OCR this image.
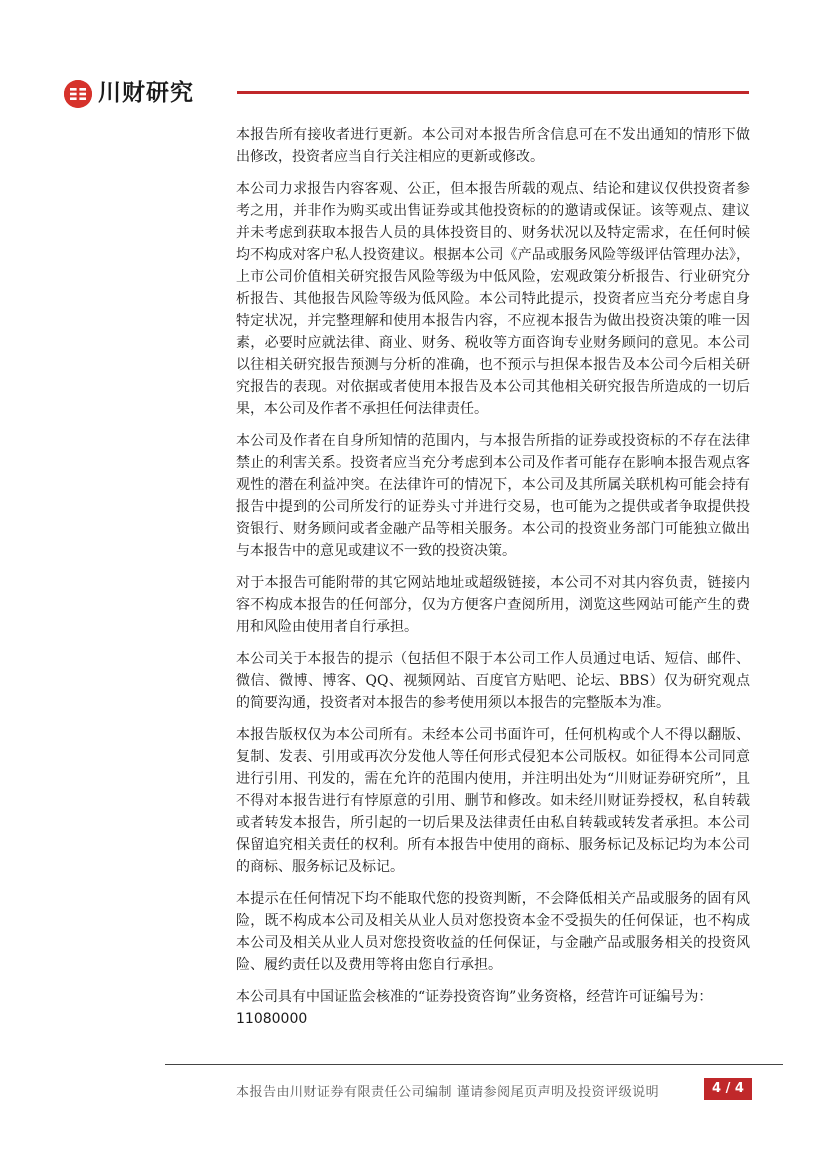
川财研究

本报告所有接收者进行更新。本公司对本报告所含信息可在不发出通知的情形下做出修改，投资者应当自行关注相应的更新或修改。

本公司力求报告内容客观、公正，但本报告所载的观点、结论和建议仅供投资者参考之用，并非作为购买或出售证券或其他投资标的的邀请或保证。该等观点、建议并未考虑到获取本报告人员的具体投资目的、财务状况以及特定需求，在任何时候均不构成对客户私人投资建议。根据本公司《产品或服务风险等级评估管理办法》，上市公司价值相关研究报告风险等级为中低风险，宏观政策分析报告、行业研究分析报告、其他报告风险等级为低风险。本公司特此提示，投资者应当充分考虑自身特定状况，并完整理解和使用本报告内容，不应视本报告为做出投资决策的唯一因素，必要时应就法律、商业、财务、税收等方面咨询专业财务顾问的意见。本公司以往相关研究报告预测与分析的准确，也不预示与担保本报告及本公司今后相关研究报告的表现。对依据或者使用本报告及本公司其他相关研究报告所造成的一切后果，本公司及作者不承担任何法律责任。

本公司及作者在自身所知情的范围内，与本报告所指的证券或投资标的不存在法律禁止的利害关系。投资者应当充分考虑到本公司及作者可能存在影响本报告观点客观性的潜在利益冲突。在法律许可的情况下，本公司及其所属关联机构可能会持有报告中提到的公司所发行的证券头寸并进行交易，也可能为之提供或者争取提供投资银行、财务顾问或者金融产品等相关服务。本公司的投资业务部门可能独立做出与本报告中的意见或建议不一致的投资决策。

对于本报告可能附带的其它网站地址或超级链接，本公司不对其内容负责，链接内容不构成本报告的任何部分，仅为方便客户查阅所用，浏览这些网站可能产生的费用和风险由使用者自行承担。

本公司关于本报告的提示（包括但不限于本公司工作人员通过电话、短信、邮件、微信、微博、博客、QQ、视频网站、百度官方贴吧、论坛、BBS）仅为研究观点的简要沟通，投资者对本报告的参考使用须以本报告的完整版本为准。

本报告版权仅为本公司所有。未经本公司书面许可，任何机构或个人不得以翻版、复制、发表、引用或再次分发他人等任何形式侵犯本公司版权。如征得本公司同意进行引用、刊发的，需在允许的范围内使用，并注明出处为“川财证券研究所”，且不得对本报告进行有悖原意的引用、删节和修改。如未经川财证券授权，私自转载或者转发本报告，所引起的一切后果及法律责任由私自转载或转发者承担。本公司保留追究相关责任的权利。所有本报告中使用的商标、服务标记及标记均为本公司的商标、服务标记及标记。

本提示在任何情况下均不能取代您的投资判断，不会降低相关产品或服务的固有风险，既不构成本公司及相关从业人员对您投资本金不受损失的任何保证，也不构成本公司及相关从业人员对您投资收益的任何保证，与金融产品或服务相关的投资风险、履约责任以及费用等将由您自行承担。

本公司具有中国证监会核准的“证券投资咨询”业务资格，经营许可证编号为：

11080000

本报告由川财证券有限责任公司编制 谨请参阅尾页声明及投资评级说明	4 / 4
